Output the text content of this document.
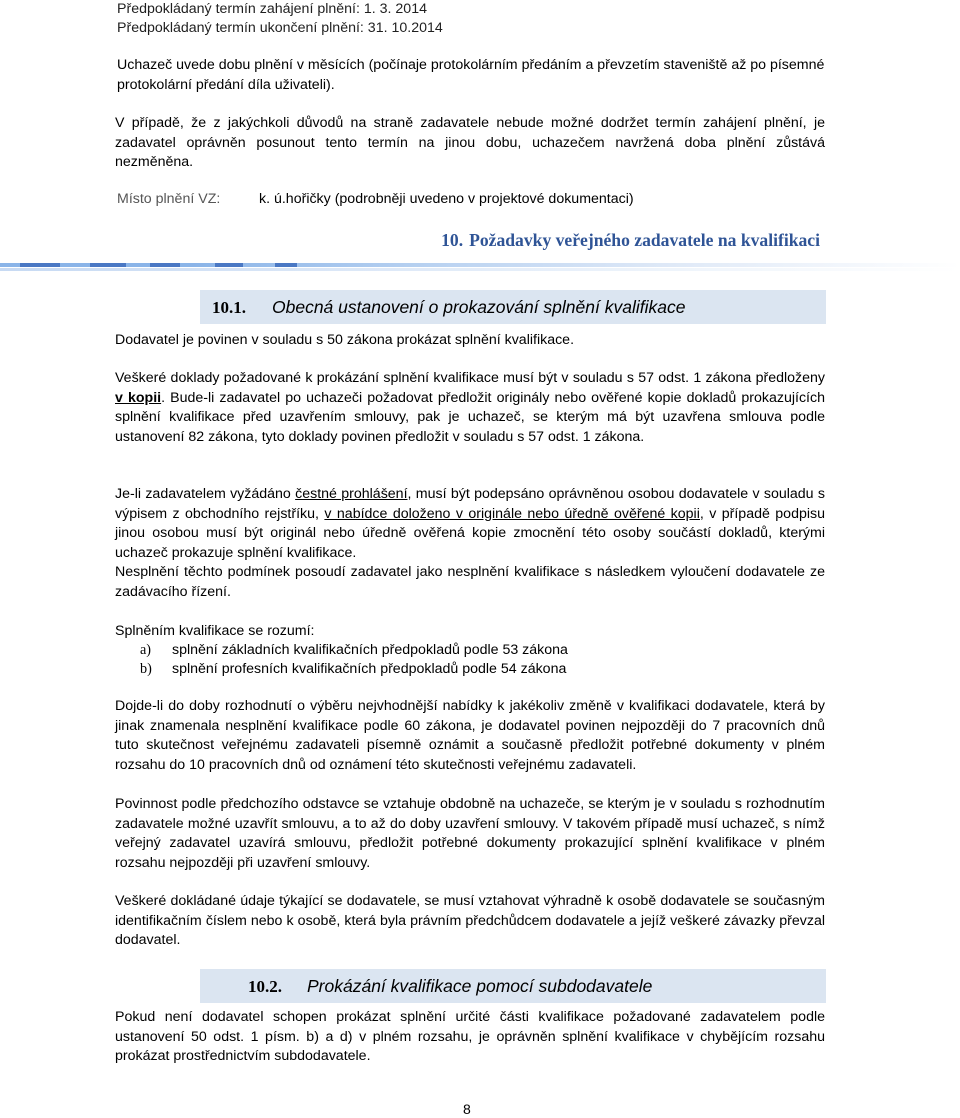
Předpokládaný termín zahájení plnění: 1. 3. 2014
Předpokládaný termín ukončení plnění: 31. 10.2014

Uchazeč uvede dobu plnění v měsících (počínaje protokolárním předáním a převzetím staveniště až po písemné protokolární předání díla uživateli).

V případě, že z jakýchkoli důvodů na straně zadavatele nebude možné dodržet termín zahájení plnění, je zadavatel oprávněn posunout tento termín na jinou dobu, uchazečem navržená doba plnění zůstává nezměněna.

Místo plnění VZ:	k. ú.hořičky (podrobněji uvedeno v projektové dokumentaci)
10. Požadavky veřejného zadavatele na kvalifikaci
10.1. Obecná ustanovení o prokazování splnění kvalifikace

Dodavatel je povinen v souladu s 50 zákona prokázat splnění kvalifikace.

Veškeré doklady požadované k prokázání splnění kvalifikace musí být v souladu s 57 odst. 1 zákona předloženy v kopii. Bude-li zadavatel po uchazeči požadovat předložit originály nebo ověřené kopie dokladů prokazujících splnění kvalifikace před uzavřením smlouvy, pak je uchazeč, se kterým má být uzavřena smlouva podle ustanovení 82 zákona, tyto doklady povinen předložit v souladu s 57 odst. 1 zákona.

Je-li zadavatelem vyžádáno čestné prohlášení, musí být podepsáno oprávněnou osobou dodavatele v souladu s výpisem z obchodního rejstříku, v nabídce doloženo v originále nebo úředně ověřené kopii, v případě podpisu jinou osobou musí být originál nebo úředně ověřená kopie zmocnění této osoby součástí dokladů, kterými uchazeč prokazuje splnění kvalifikace.

Nesplnění těchto podmínek posoudí zadavatel jako nesplnění kvalifikace s následkem vyloučení dodavatele ze zadávacího řízení.

Splněním kvalifikace se rozumí:

a) splnění základních kvalifikačních předpokladů podle 53 zákona
b) splnění profesních kvalifikačních předpokladů podle 54 zákona

Dojde-li do doby rozhodnutí o výběru nejvhodnější nabídky k jakékoliv změně v kvalifikaci dodavatele, která by jinak znamenala nesplnění kvalifikace podle 60 zákona, je dodavatel povinen nejpozději do 7 pracovních dnů tuto skutečnost veřejnému zadavateli písemně oznámit a současně předložit potřebné dokumenty v plném rozsahu do 10 pracovních dnů od oznámení této skutečnosti veřejnému zadavateli.

Povinnost podle předchozího odstavce se vztahuje obdobně na uchazeče, se kterým je v souladu s rozhodnutím zadavatele možné uzavřít smlouvu, a to až do doby uzavření smlouvy. V takovém případě musí uchazeč, s nímž veřejný zadavatel uzavírá smlouvu, předložit potřebné dokumenty prokazující splnění kvalifikace v plném rozsahu nejpozději při uzavření smlouvy.

Veškeré dokládané údaje týkající se dodavatele, se musí vztahovat výhradně k osobě dodavatele se současným identifikačním číslem nebo k osobě, která byla právním předchůdcem dodavatele a jejíž veškeré závazky převzal dodavatel.

10.2. Prokázání kvalifikace pomocí subdodavatele

Pokud není dodavatel schopen prokázat splnění určité části kvalifikace požadované zadavatelem podle ustanovení 50 odst. 1 písm. b) a d) v plném rozsahu, je oprávněn splnění kvalifikace v chybějícím rozsahu prokázat prostřednictvím subdodavatele.

8
